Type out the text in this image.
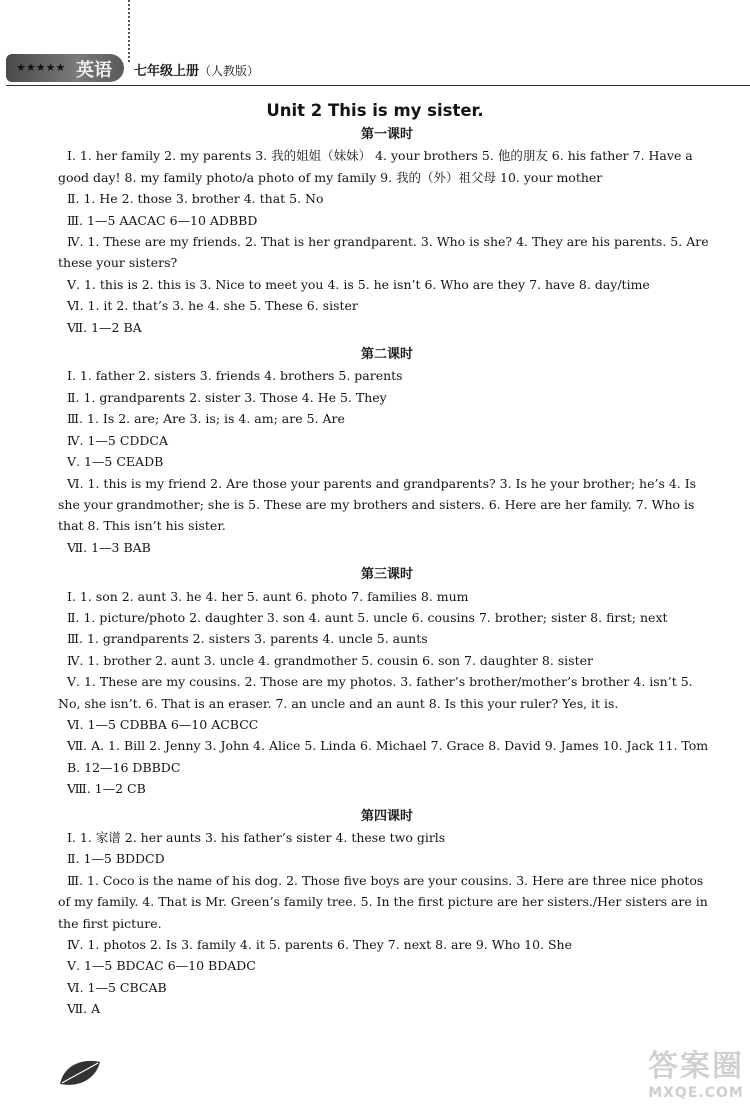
★★★★★ 英语 七年级上册（人教版）
Unit 2 This is my sister.
第一课时
Ⅰ. 1. her family 2. my parents 3. 我的姐姐（妹妹） 4. your brothers 5. 他的朋友 6. his father 7. Have a good day! 8. my family photo/a photo of my family 9. 我的（外）祖父母 10. your mother
Ⅱ. 1. He 2. those 3. brother 4. that 5. No
Ⅲ. 1—5 AACAC 6—10 ADBBD
Ⅳ. 1. These are my friends. 2. That is her grandparent. 3. Who is she? 4. They are his parents. 5. Are these your sisters?
Ⅴ. 1. this is 2. this is 3. Nice to meet you 4. is 5. he isn’t 6. Who are they 7. have 8. day/time
Ⅵ. 1. it 2. that’s 3. he 4. she 5. These 6. sister
Ⅶ. 1—2 BA
第二课时
Ⅰ. 1. father 2. sisters 3. friends 4. brothers 5. parents
Ⅱ. 1. grandparents 2. sister 3. Those 4. He 5. They
Ⅲ. 1. Is 2. are; Are 3. is; is 4. am; are 5. Are
Ⅳ. 1—5 CDDCA
Ⅴ. 1—5 CEADB
Ⅵ. 1. this is my friend 2. Are those your parents and grandparents? 3. Is he your brother; he’s 4. Is she your grandmother; she is 5. These are my brothers and sisters. 6. Here are her family. 7. Who is that 8. This isn’t his sister.
Ⅶ. 1—3 BAB
第三课时
Ⅰ. 1. son 2. aunt 3. he 4. her 5. aunt 6. photo 7. families 8. mum
Ⅱ. 1. picture/photo 2. daughter 3. son 4. aunt 5. uncle 6. cousins 7. brother; sister 8. first; next
Ⅲ. 1. grandparents 2. sisters 3. parents 4. uncle 5. aunts
Ⅳ. 1. brother 2. aunt 3. uncle 4. grandmother 5. cousin 6. son 7. daughter 8. sister
Ⅴ. 1. These are my cousins. 2. Those are my photos. 3. father’s brother/mother’s brother 4. isn’t 5. No, she isn’t. 6. That is an eraser. 7. an uncle and an aunt 8. Is this your ruler? Yes, it is.
Ⅵ. 1—5 CDBBA 6—10 ACBCC
Ⅶ. A. 1. Bill 2. Jenny 3. John 4. Alice 5. Linda 6. Michael 7. Grace 8. David 9. James 10. Jack 11. Tom
B. 12—16 DBBDC
Ⅷ. 1—2 CB
第四课时
Ⅰ. 1. 家谱 2. her aunts 3. his father’s sister 4. these two girls
Ⅱ. 1—5 BDDCD
Ⅲ. 1. Coco is the name of his dog. 2. Those five boys are your cousins. 3. Here are three nice photos of my family. 4. That is Mr. Green’s family tree. 5. In the first picture are her sisters./Her sisters are in the first picture.
Ⅳ. 1. photos 2. Is 3. family 4. it 5. parents 6. They 7. next 8. are 9. Who 10. She
Ⅴ. 1—5 BDCAC 6—10 BDADC
Ⅵ. 1—5 CBCAB
Ⅶ. A
答案圈
MXQE.COM
